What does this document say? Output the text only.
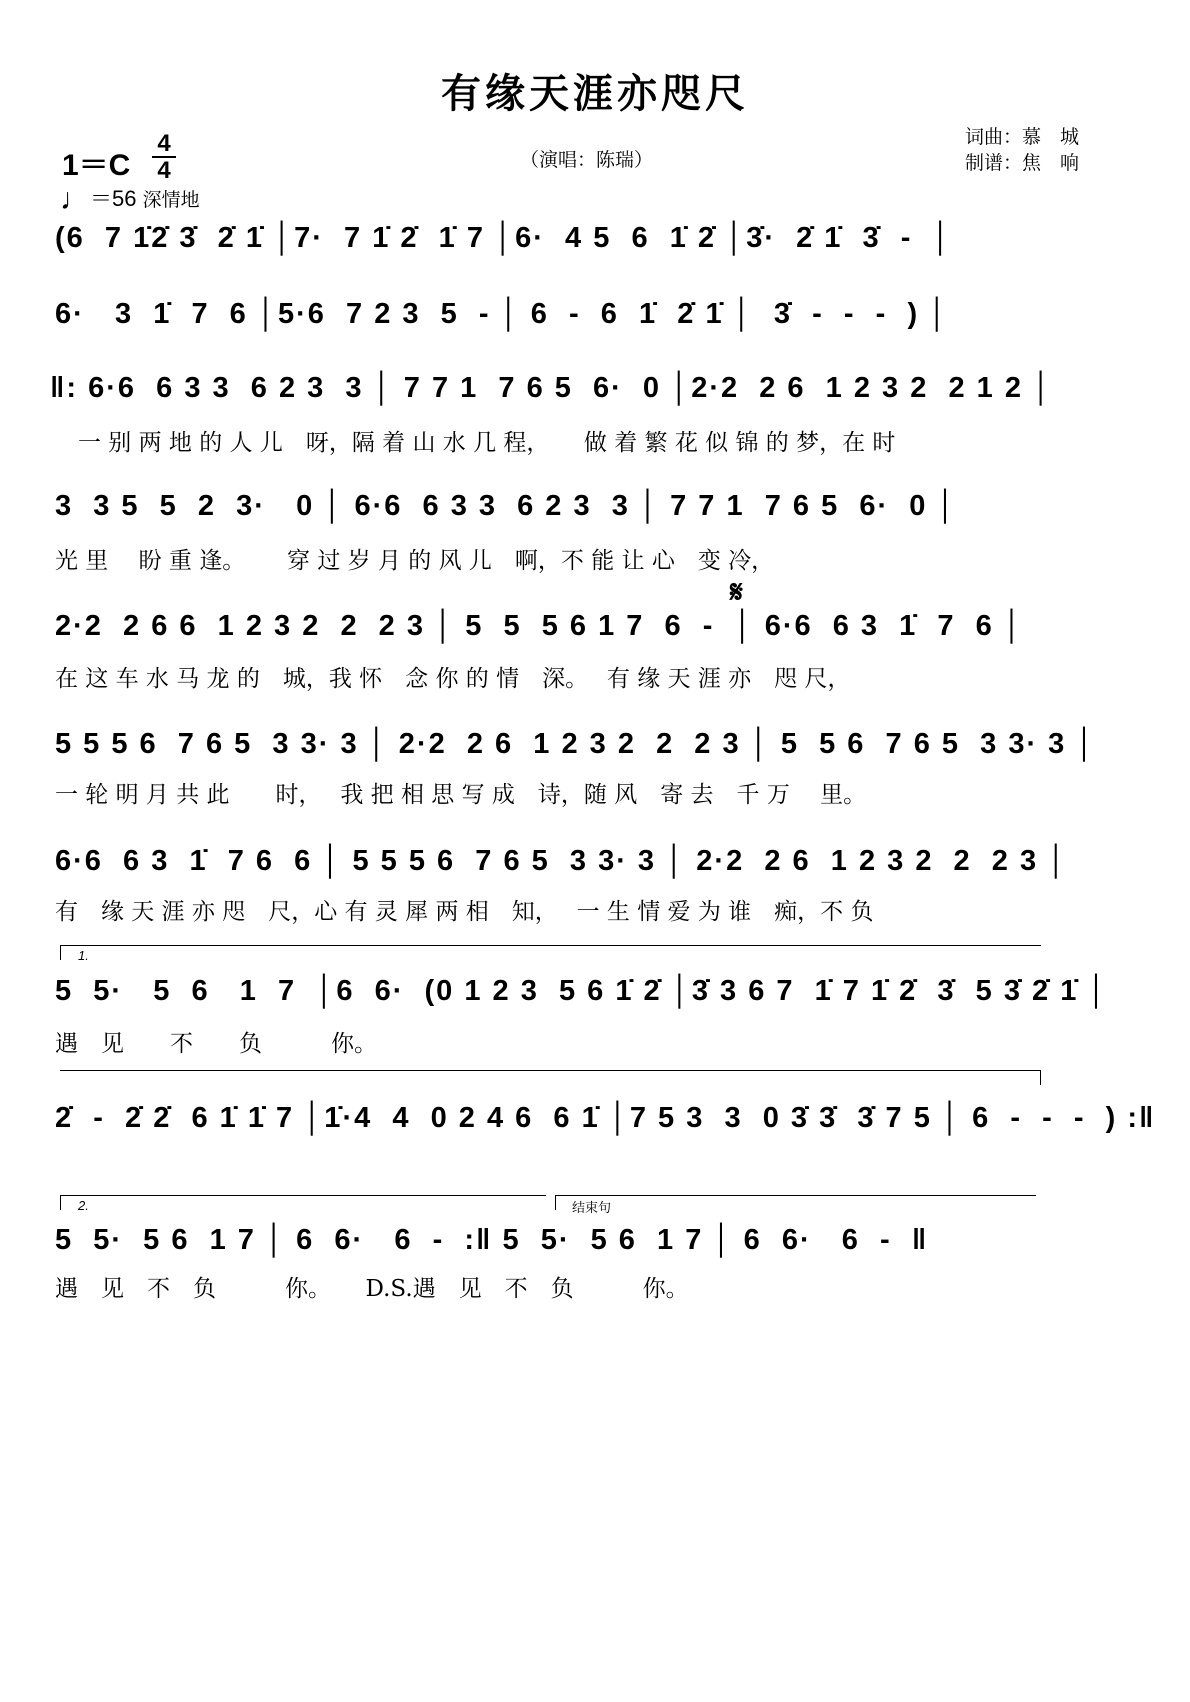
有缘天涯亦咫尺
（演唱：陈瑞）
词曲：慕　城
制谱：焦　响
1＝C
4
4
♩＝56 深情地
(6  7 1̇2̇ 3̇  2̇ 1̇ │7·  7 1̇ 2̇  1̇ 7 │6·  4 5  6  1̇ 2̇ │3̇·  2̇ 1̇  3̇  -  │
6·   3  1̇  7  6 │5·6  7 2 3  5  - │ 6  -  6  1̇  2̇ 1̇ │  3̇  -  -  -  ) │
‖: 6·6  6 3 3  6 2 3  3 │ 7 7 1  7 6 5  6·  0 │2·2  2 6  1 2 3 2  2 1 2 │
　一 别 两 地 的 人 儿　呀，隔 着 山 水 几 程，　　做 着 繁 花 似 锦 的 梦，在 时
3  3 5  5  2  3·   0 │ 6·6  6 3 3  6 2 3  3 │ 7 7 1  7 6 5  6·  0 │
光 里　 盼 重 逢。　　 穿 过 岁 月 的 风 儿　啊，不 能 让 心　变 冷，
𝄋
2·2  2 6 6  1 2 3 2  2  2 3 │ 5  5  5 6 1 7  6  -  │ 6·6  6 3  1̇  7  6 │
在 这 车 水 马 龙 的　城，我 怀　念 你 的 情　深。　 有 缘 天 涯 亦　咫 尺，
5 5 5 6  7 6 5  3 3· 3 │ 2·2  2 6  1 2 3 2  2  2 3 │ 5  5 6  7 6 5  3 3· 3 │
一 轮 明 月 共 此　　时，　 我 把 相 思 写 成　诗，随 风　寄 去　千 万　 里。
6·6  6 3  1̇  7 6  6 │ 5 5 5 6  7 6 5  3 3· 3 │ 2·2  2 6  1 2 3 2  2  2 3 │
有　缘 天 涯 亦 咫　尺，心 有 灵 犀 两 相　知，　 一 生 情 爱 为 谁　痴，不 负
1.
5  5·   5  6   1  7  │6  6·  (0 1 2 3  5 6 1̇ 2̇ │3̇ 3 6 7  1̇ 7 1̇ 2̇  3̇  5 3̇ 2̇ 1̇ │
遇　见　　不　　负　　　你。
2̇  -  2̇ 2̇  6 1̇ 1̇ 7 │1̇·4  4  0 2 4 6  6 1̇ │7 5 3  3  0 3̇ 3̇  3̇ 7 5 │ 6  -  -  -  ) :‖
2.	结束句
5  5·  5 6  1 7 │ 6  6·   6  -  :‖ 5  5·  5 6  1 7 │ 6  6·   6  -  ‖
遇　见　不　负　　　你。　　D.S.遇　见　不　负　　　你。
